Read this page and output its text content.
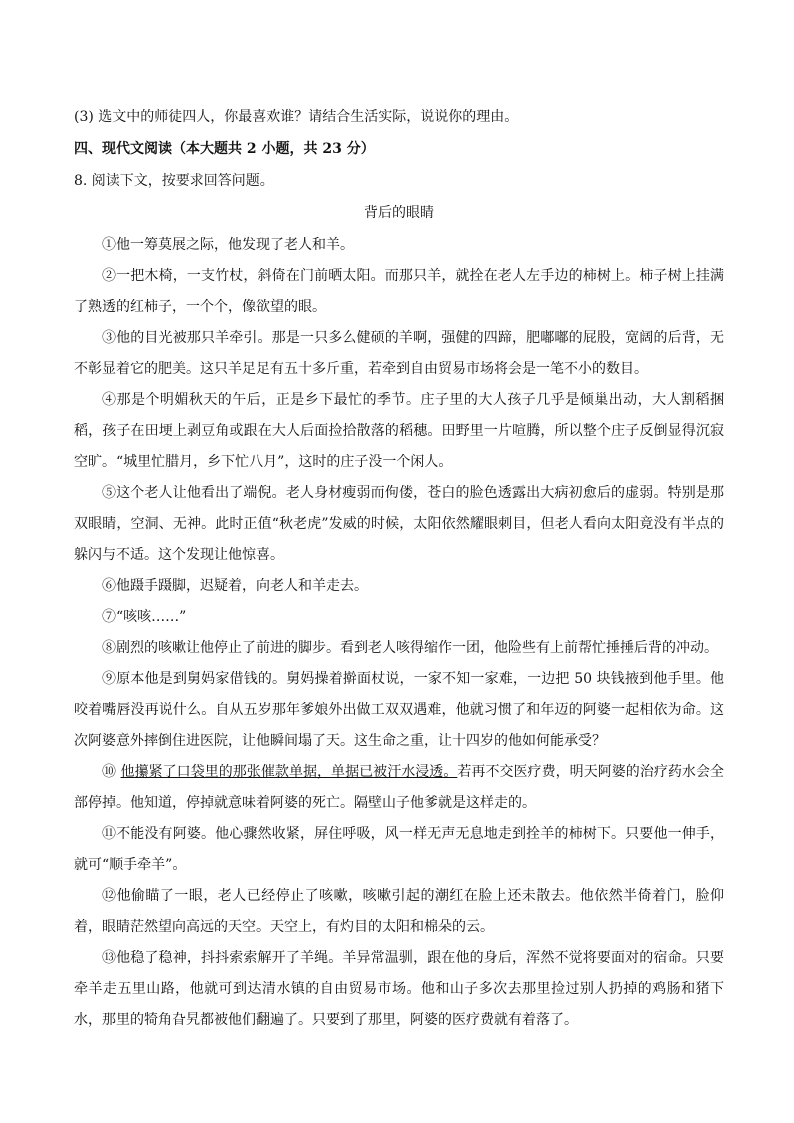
(3) 选文中的师徒四人，你最喜欢谁？请结合生活实际，说说你的理由。

四、现代文阅读（本大题共 2 小题，共 23 分）

8. 阅读下文，按要求回答问题。

背后的眼睛

①他一筹莫展之际，他发现了老人和羊。

②一把木椅，一支竹杖，斜倚在门前晒太阳。而那只羊，就拴在老人左手边的柿树上。柿子树上挂满了熟透的红柿子，一个个，像欲望的眼。

③他的目光被那只羊牵引。那是一只多么健硕的羊啊，强健的四蹄，肥嘟嘟的屁股，宽阔的后背，无不彰显着它的肥美。这只羊足足有五十多斤重，若牵到自由贸易市场将会是一笔不小的数目。

④那是个明媚秋天的午后，正是乡下最忙的季节。庄子里的大人孩子几乎是倾巢出动，大人割稻捆稻，孩子在田埂上剥豆角或跟在大人后面捡拾散落的稻穗。田野里一片喧腾，所以整个庄子反倒显得沉寂空旷。“城里忙腊月，乡下忙八月”，这时的庄子没一个闲人。

⑤这个老人让他看出了端倪。老人身材瘦弱而佝偻，苍白的脸色透露出大病初愈后的虚弱。特别是那双眼睛，空洞、无神。此时正值“秋老虎”发威的时候，太阳依然耀眼刺目，但老人看向太阳竟没有半点的躲闪与不适。这个发现让他惊喜。

⑥他蹑手蹑脚，迟疑着，向老人和羊走去。

⑦“咳咳……”

⑧剧烈的咳嗽让他停止了前进的脚步。看到老人咳得缩作一团，他险些有上前帮忙捶捶后背的冲动。

⑨原本他是到舅妈家借钱的。舅妈操着擀面杖说，一家不知一家难，一边把 50 块钱掖到他手里。他咬着嘴唇没再说什么。自从五岁那年爹娘外出做工双双遇难，他就习惯了和年迈的阿婆一起相依为命。这次阿婆意外摔倒住进医院，让他瞬间塌了天。这生命之重，让十四岁的他如何能承受？

⑩ 他攥紧了口袋里的那张催款单据，单据已被汗水浸透。若再不交医疗费，明天阿婆的治疗药水会全部停掉。他知道，停掉就意味着阿婆的死亡。隔壁山子他爹就是这样走的。

⑪不能没有阿婆。他心骤然收紧，屏住呼吸，风一样无声无息地走到拴羊的柿树下。只要他一伸手，就可“顺手牵羊”。

⑫他偷瞄了一眼，老人已经停止了咳嗽，咳嗽引起的潮红在脸上还未散去。他依然半倚着门，脸仰着，眼睛茫然望向高远的天空。天空上，有灼目的太阳和棉朵的云。

⑬他稳了稳神，抖抖索索解开了羊绳。羊异常温驯，跟在他的身后，浑然不觉将要面对的宿命。只要牵羊走五里山路，他就可到达清水镇的自由贸易市场。他和山子多次去那里捡过别人扔掉的鸡肠和猪下水，那里的犄角旮旯都被他们翻遍了。只要到了那里，阿婆的医疗费就有着落了。
